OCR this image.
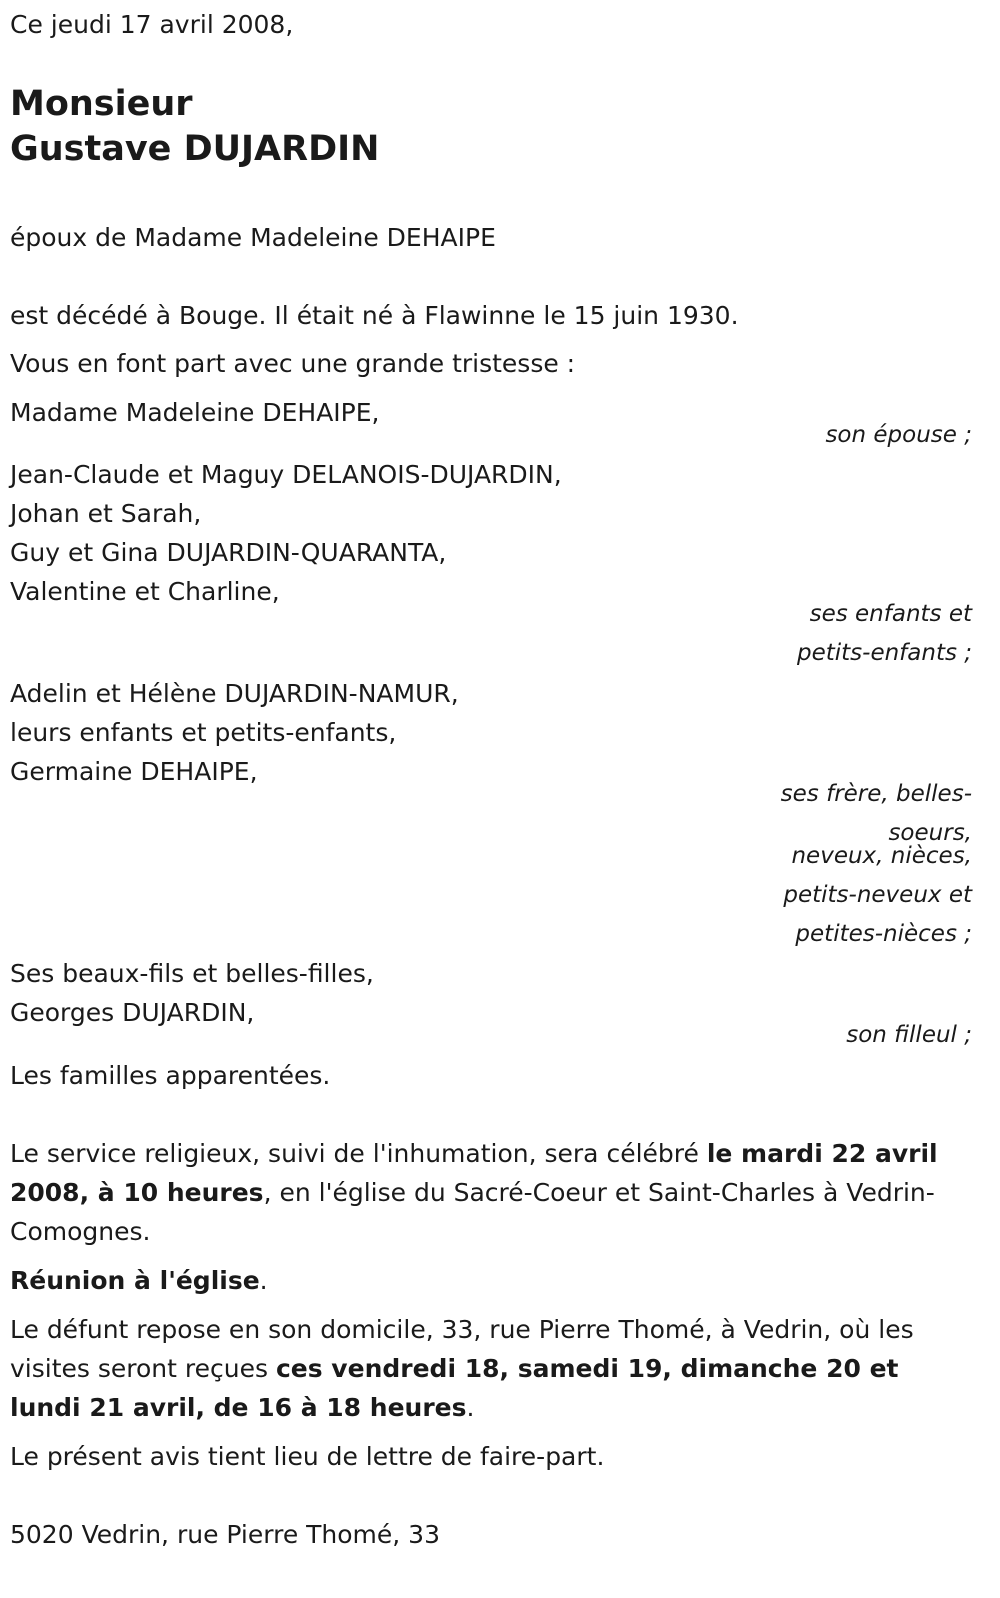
Ce jeudi 17 avril 2008,

Monsieur

Gustave DUJARDIN

époux de Madame Madeleine DEHAIPE

est décédé à Bouge. Il était né à Flawinne le 15 juin 1930.

Vous en font part avec une grande tristesse :

Madame Madeleine DEHAIPE,

son épouse ;

Jean-Claude et Maguy DELANOIS-DUJARDIN,

Johan et Sarah,

Guy et Gina DUJARDIN-QUARANTA,

Valentine et Charline,

ses enfants et

petits-enfants ;

Adelin et Hélène DUJARDIN-NAMUR,

leurs enfants et petits-enfants,

Germaine DEHAIPE,

ses frère, belles-

soeurs,

neveux, nièces,

petits-neveux et

petites-nièces ;

Ses beaux-fils et belles-filles,

Georges DUJARDIN,

son filleul ;

Les familles apparentées.

Le service religieux, suivi de l'inhumation, sera célébré le mardi 22 avril 2008, à 10 heures, en l'église du Sacré-Coeur et Saint-Charles à Vedrin-Comognes.

Réunion à l'église.

Le défunt repose en son domicile, 33, rue Pierre Thomé, à Vedrin, où les visites seront reçues ces vendredi 18, samedi 19, dimanche 20 et lundi 21 avril, de 16 à 18 heures.

Le présent avis tient lieu de lettre de faire-part.

5020 Vedrin, rue Pierre Thomé, 33
